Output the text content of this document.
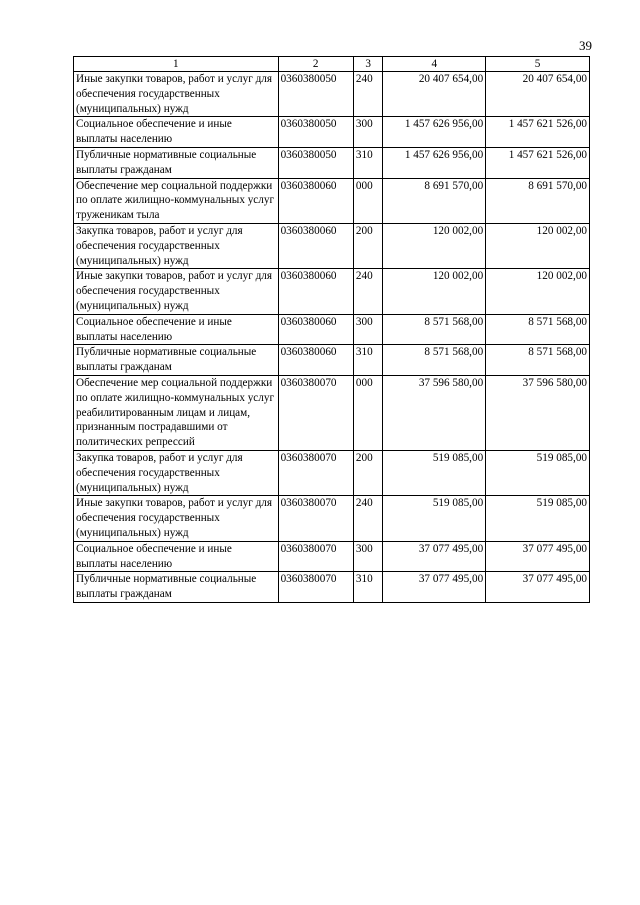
39
1	2	3	4	5
Иные закупки товаров, работ и услуг для обеспечения государственных (муниципальных) нужд	0360380050	240	20 407 654,00	20 407 654,00
Социальное обеспечение и иные выплаты населению	0360380050	300	1 457 626 956,00	1 457 621 526,00
Публичные нормативные социальные выплаты гражданам	0360380050	310	1 457 626 956,00	1 457 621 526,00
Обеспечение мер социальной поддержки по оплате жилищно-коммунальных услуг труженикам тыла	0360380060	000	8 691 570,00	8 691 570,00
Закупка товаров, работ и услуг для обеспечения государственных (муниципальных) нужд	0360380060	200	120 002,00	120 002,00
Иные закупки товаров, работ и услуг для обеспечения государственных (муниципальных) нужд	0360380060	240	120 002,00	120 002,00
Социальное обеспечение и иные выплаты населению	0360380060	300	8 571 568,00	8 571 568,00
Публичные нормативные социальные выплаты гражданам	0360380060	310	8 571 568,00	8 571 568,00
Обеспечение мер социальной поддержки по оплате жилищно-коммунальных услуг реабилитированным лицам и лицам, признанным пострадавшими от политических репрессий	0360380070	000	37 596 580,00	37 596 580,00
Закупка товаров, работ и услуг для обеспечения государственных (муниципальных) нужд	0360380070	200	519 085,00	519 085,00
Иные закупки товаров, работ и услуг для обеспечения государственных (муниципальных) нужд	0360380070	240	519 085,00	519 085,00
Социальное обеспечение и иные выплаты населению	0360380070	300	37 077 495,00	37 077 495,00
Публичные нормативные социальные выплаты гражданам	0360380070	310	37 077 495,00	37 077 495,00
